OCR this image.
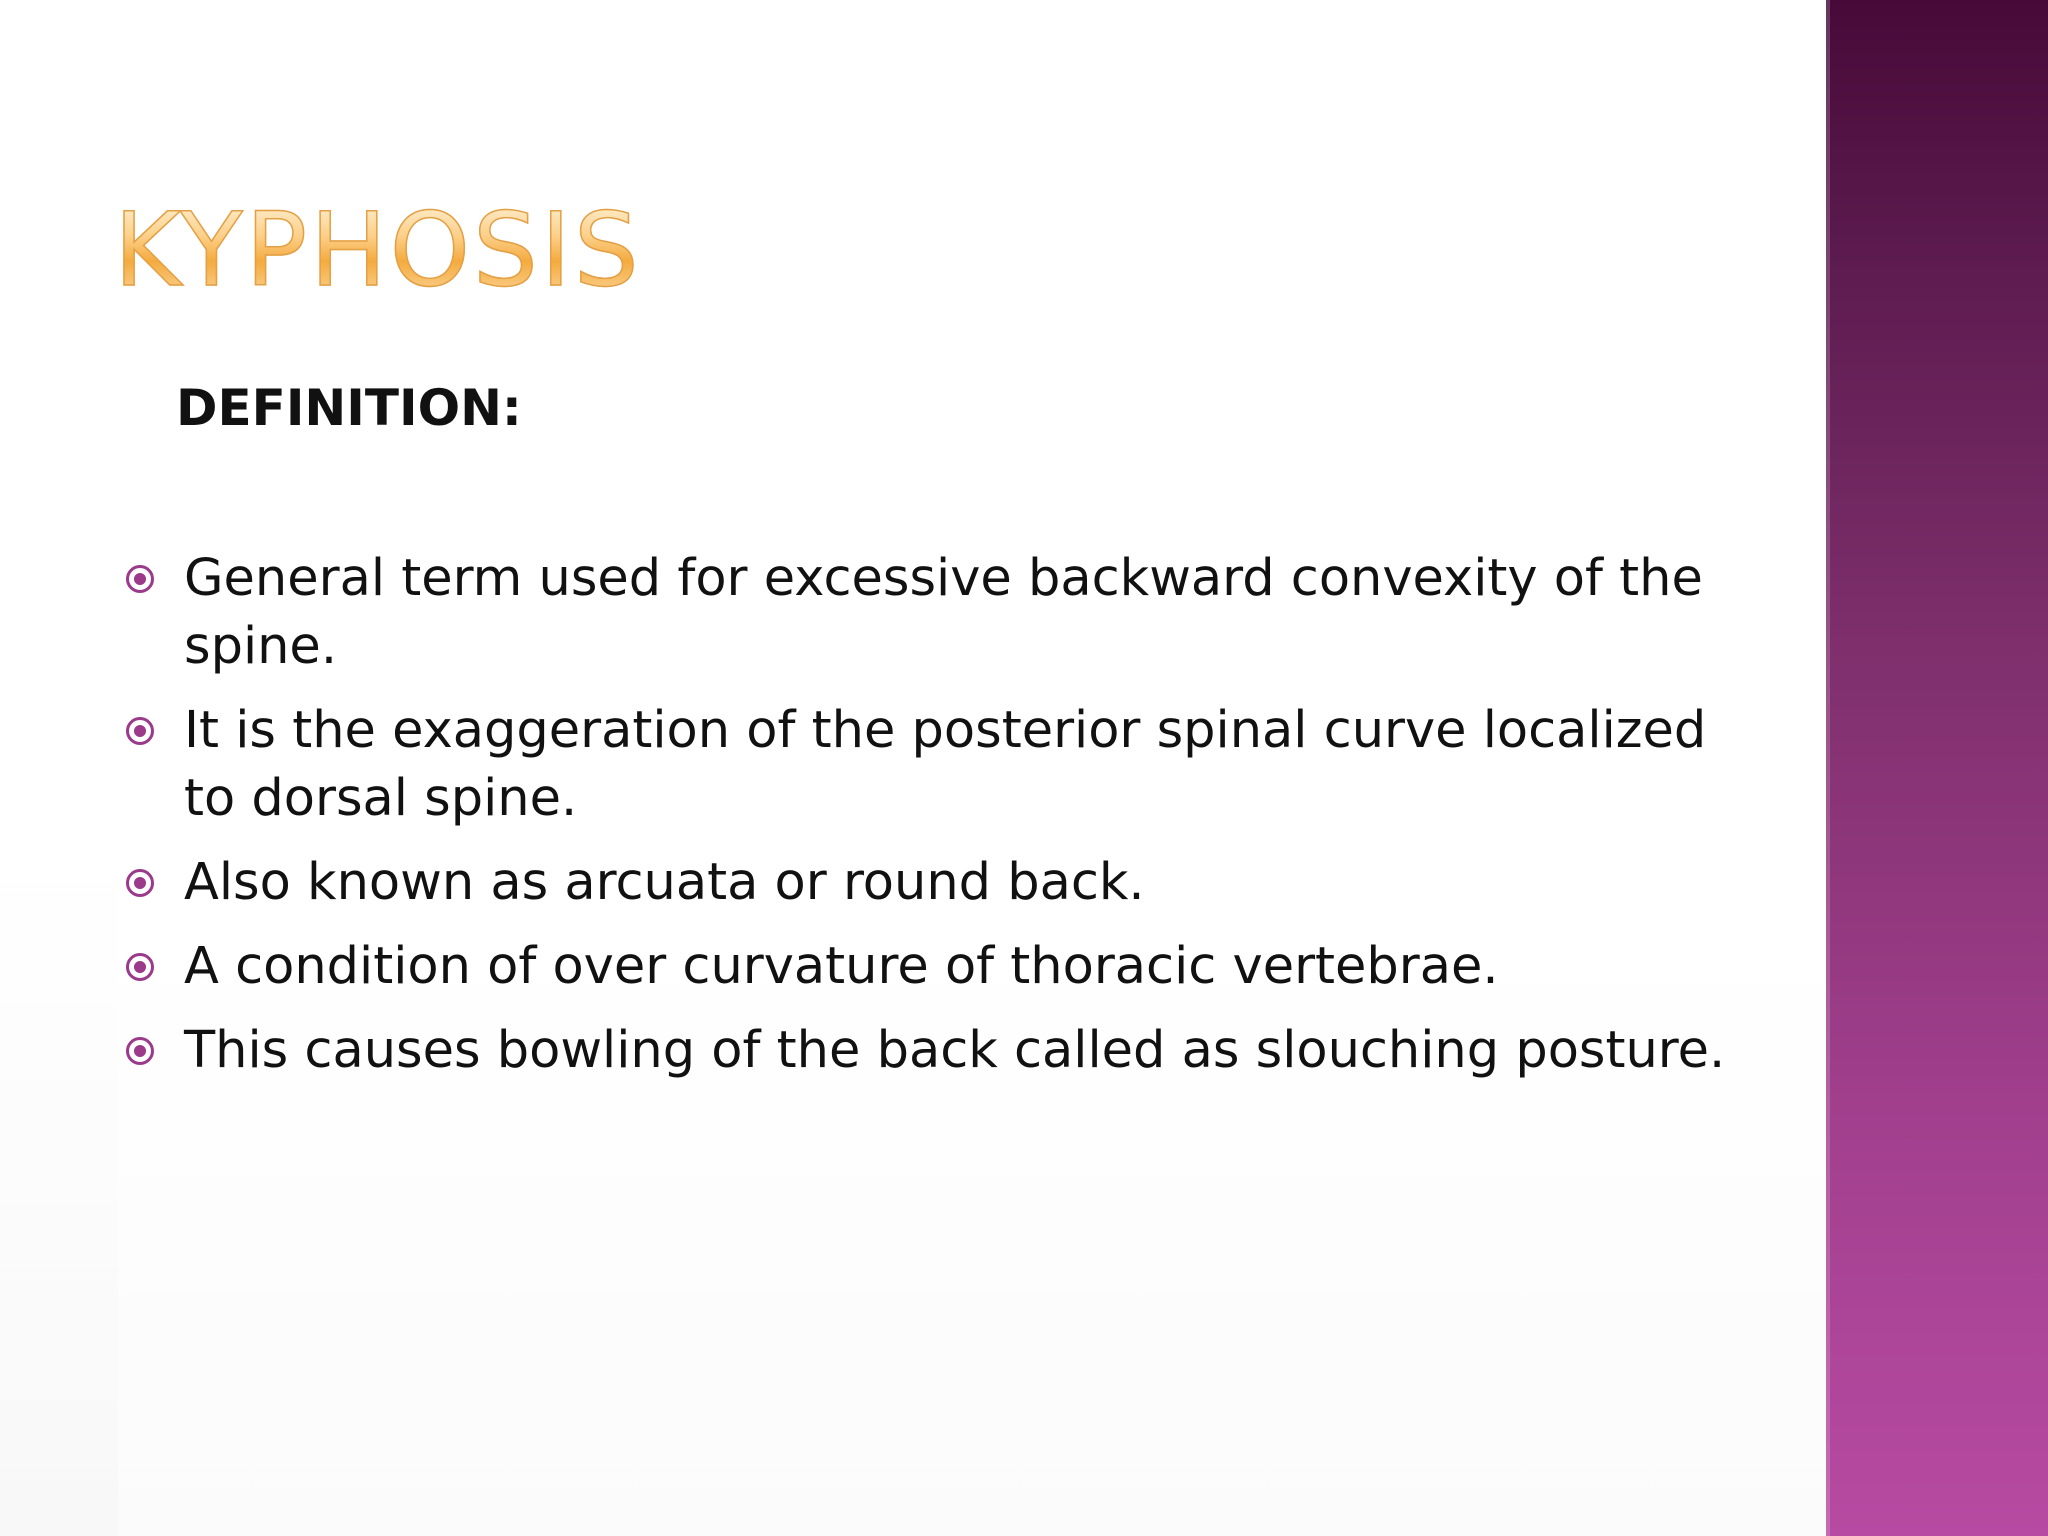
KYPHOSIS
DEFINITION:
General term used for excessive backward convexity of the spine.
It is the exaggeration of the posterior spinal curve localized to dorsal spine.
Also known as arcuata or round back.
A condition of over curvature of thoracic vertebrae.
This causes bowling of the back called as slouching posture.
